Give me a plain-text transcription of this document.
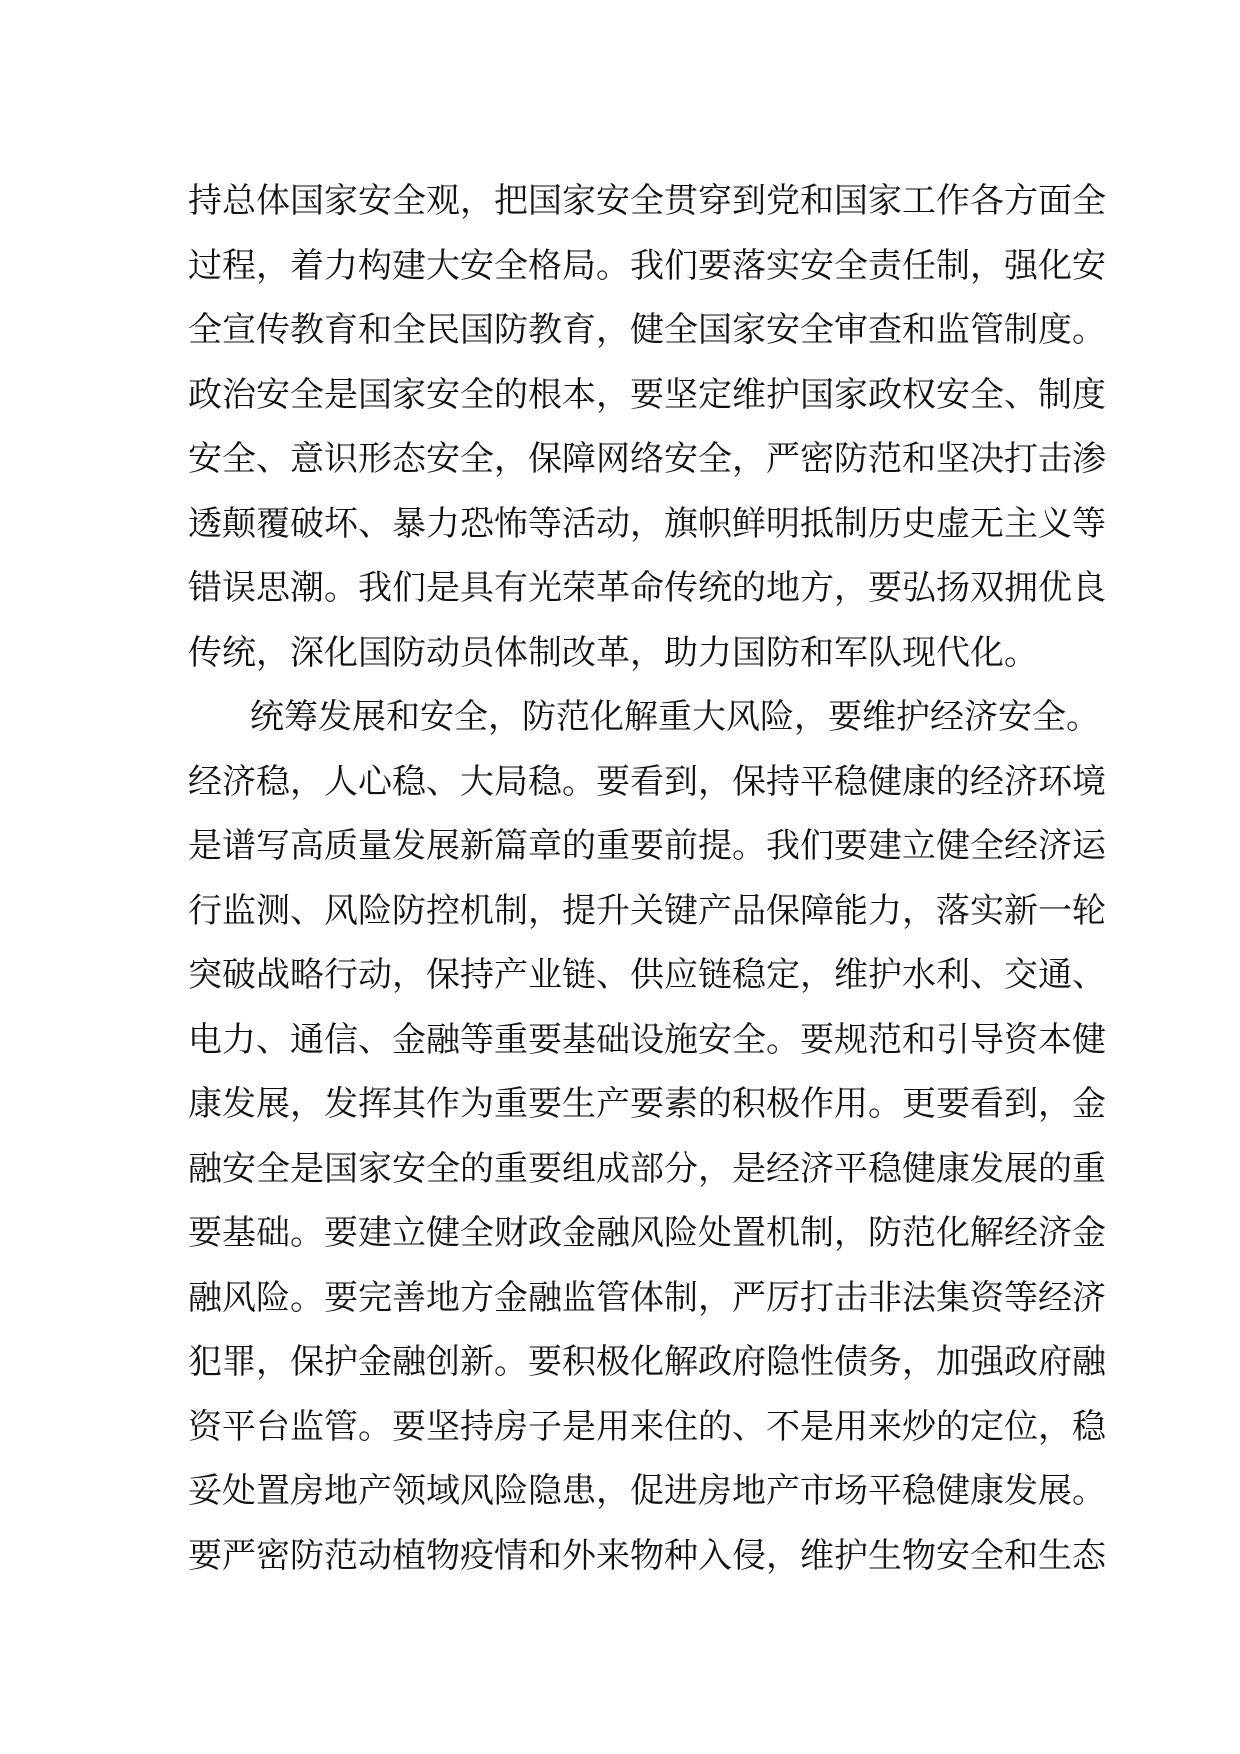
持总体国家安全观，把国家安全贯穿到党和国家工作各方面全
过程，着力构建大安全格局。我们要落实安全责任制，强化安
全宣传教育和全民国防教育，健全国家安全审查和监管制度。
政治安全是国家安全的根本，要坚定维护国家政权安全、制度
安全、意识形态安全，保障网络安全，严密防范和坚决打击渗
透颠覆破坏、暴力恐怖等活动，旗帜鲜明抵制历史虚无主义等
错误思潮。我们是具有光荣革命传统的地方，要弘扬双拥优良
传统，深化国防动员体制改革，助力国防和军队现代化。
统筹发展和安全，防范化解重大风险，要维护经济安全。
经济稳，人心稳、大局稳。要看到，保持平稳健康的经济环境
是谱写高质量发展新篇章的重要前提。我们要建立健全经济运
行监测、风险防控机制，提升关键产品保障能力，落实新一轮
突破战略行动，保持产业链、供应链稳定，维护水利、交通、
电力、通信、金融等重要基础设施安全。要规范和引导资本健
康发展，发挥其作为重要生产要素的积极作用。更要看到，金
融安全是国家安全的重要组成部分，是经济平稳健康发展的重
要基础。要建立健全财政金融风险处置机制，防范化解经济金
融风险。要完善地方金融监管体制，严厉打击非法集资等经济
犯罪，保护金融创新。要积极化解政府隐性债务，加强政府融
资平台监管。要坚持房子是用来住的、不是用来炒的定位，稳
妥处置房地产领域风险隐患，促进房地产市场平稳健康发展。
要严密防范动植物疫情和外来物种入侵，维护生物安全和生态
